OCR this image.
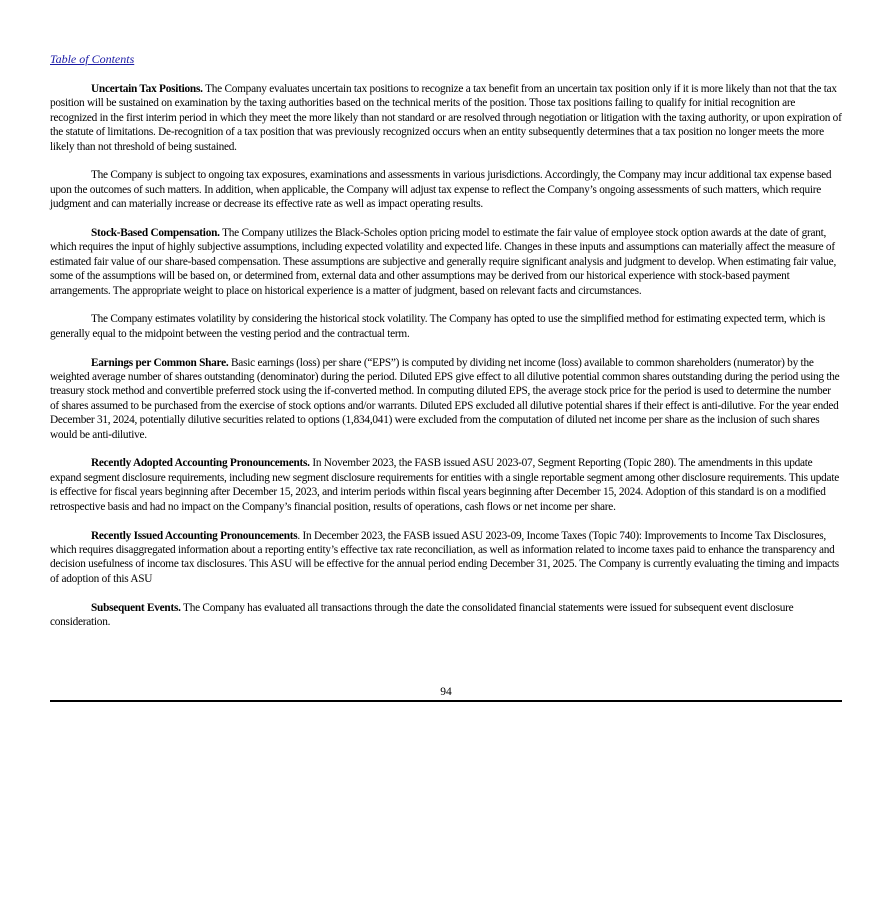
Table of Contents

Uncertain Tax Positions. The Company evaluates uncertain tax positions to recognize a tax benefit from an uncertain tax position only if it is more likely than not that the tax position will be sustained on examination by the taxing authorities based on the technical merits of the position. Those tax positions failing to qualify for initial recognition are recognized in the first interim period in which they meet the more likely than not standard or are resolved through negotiation or litigation with the taxing authority, or upon expiration of the statute of limitations. De-recognition of a tax position that was previously recognized occurs when an entity subsequently determines that a tax position no longer meets the more likely than not threshold of being sustained.

The Company is subject to ongoing tax exposures, examinations and assessments in various jurisdictions. Accordingly, the Company may incur additional tax expense based upon the outcomes of such matters. In addition, when applicable, the Company will adjust tax expense to reflect the Company’s ongoing assessments of such matters, which require judgment and can materially increase or decrease its effective rate as well as impact operating results.

Stock-Based Compensation. The Company utilizes the Black-Scholes option pricing model to estimate the fair value of employee stock option awards at the date of grant, which requires the input of highly subjective assumptions, including expected volatility and expected life. Changes in these inputs and assumptions can materially affect the measure of estimated fair value of our share-based compensation. These assumptions are subjective and generally require significant analysis and judgment to develop. When estimating fair value, some of the assumptions will be based on, or determined from, external data and other assumptions may be derived from our historical experience with stock-based payment arrangements. The appropriate weight to place on historical experience is a matter of judgment, based on relevant facts and circumstances.

The Company estimates volatility by considering the historical stock volatility. The Company has opted to use the simplified method for estimating expected term, which is generally equal to the midpoint between the vesting period and the contractual term.

Earnings per Common Share. Basic earnings (loss) per share (“EPS”) is computed by dividing net income (loss) available to common shareholders (numerator) by the weighted average number of shares outstanding (denominator) during the period. Diluted EPS give effect to all dilutive potential common shares outstanding during the period using the treasury stock method and convertible preferred stock using the if-converted method. In computing diluted EPS, the average stock price for the period is used to determine the number of shares assumed to be purchased from the exercise of stock options and/or warrants. Diluted EPS excluded all dilutive potential shares if their effect is anti-dilutive. For the year ended December 31, 2024, potentially dilutive securities related to options (1,834,041) were excluded from the computation of diluted net income per share as the inclusion of such shares would be anti-dilutive.

Recently Adopted Accounting Pronouncements. In November 2023, the FASB issued ASU 2023-07, Segment Reporting (Topic 280). The amendments in this update expand segment disclosure requirements, including new segment disclosure requirements for entities with a single reportable segment among other disclosure requirements. This update is effective for fiscal years beginning after December 15, 2023, and interim periods within fiscal years beginning after December 15, 2024. Adoption of this standard is on a modified retrospective basis and had no impact on the Company’s financial position, results of operations, cash flows or net income per share.

Recently Issued Accounting Pronouncements. In December 2023, the FASB issued ASU 2023-09, Income Taxes (Topic 740): Improvements to Income Tax Disclosures, which requires disaggregated information about a reporting entity’s effective tax rate reconciliation, as well as information related to income taxes paid to enhance the transparency and decision usefulness of income tax disclosures. This ASU will be effective for the annual period ending December 31, 2025. The Company is currently evaluating the timing and impacts of adoption of this ASU

Subsequent Events. The Company has evaluated all transactions through the date the consolidated financial statements were issued for subsequent event disclosure consideration.

94
